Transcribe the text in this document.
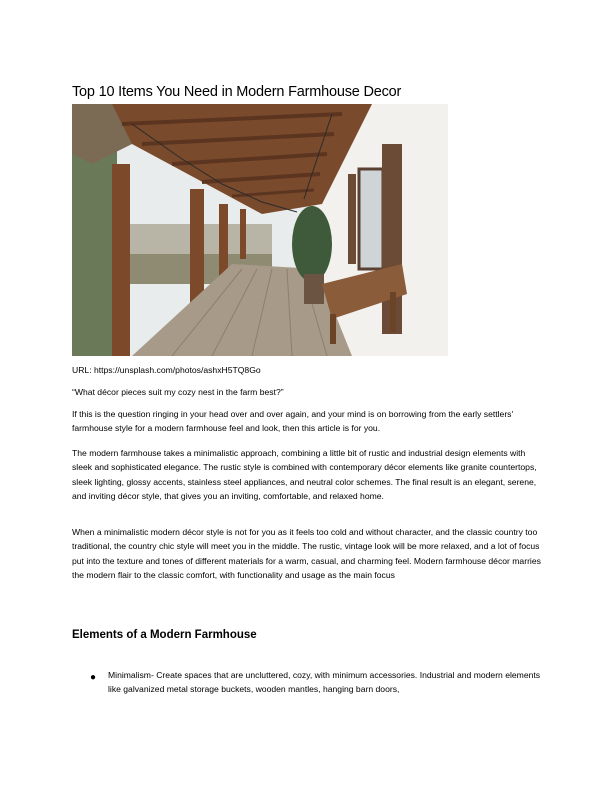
Top 10 Items You Need in Modern Farmhouse Decor
URL: https://unsplash.com/photos/ashxH5TQ8Go
“What décor pieces suit my cozy nest in the farm best?”
If this is the question ringing in your head over and over again, and your mind is on borrowing from the early settlers' farmhouse style for a modern farmhouse feel and look, then this article is for you.
The modern farmhouse takes a minimalistic approach, combining a little bit of rustic and industrial design elements with sleek and sophisticated elegance. The rustic style is combined with contemporary décor elements like granite countertops, sleek lighting, glossy accents, stainless steel appliances, and neutral color schemes. The final result is an elegant, serene, and inviting décor style, that gives you an inviting, comfortable, and relaxed home.
When a minimalistic modern décor style is not for you as it feels too cold and without character, and the classic country too traditional, the country chic style will meet you in the middle. The rustic, vintage look will be more relaxed, and a lot of focus put into the texture and tones of different materials for a warm, casual, and charming feel. Modern farmhouse décor marries the modern flair to the classic comfort, with functionality and usage as the main focus
Elements of a Modern Farmhouse
● Minimalism- Create spaces that are uncluttered, cozy, with minimum accessories. Industrial and modern elements like galvanized metal storage buckets, wooden mantles, hanging barn doors,
